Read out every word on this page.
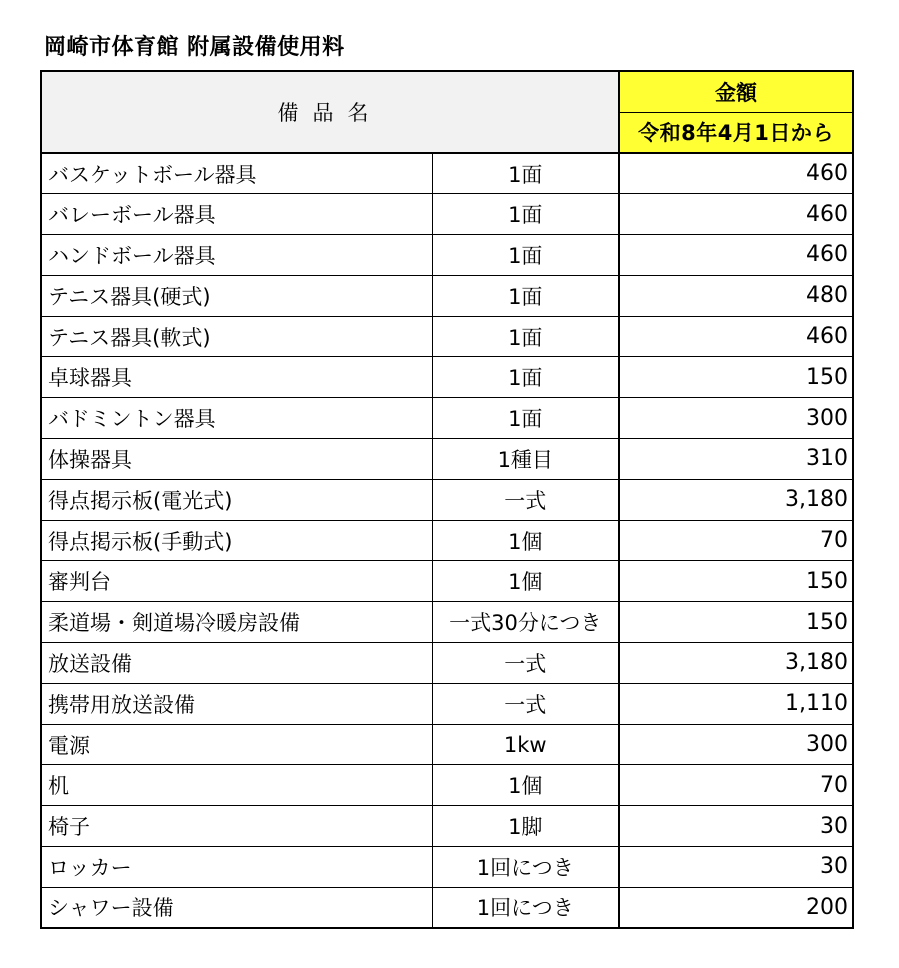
岡崎市体育館 附属設備使用料
備品名		金額
		令和8年4月1日から
バスケットボール器具	1面	460
バレーボール器具	1面	460
ハンドボール器具	1面	460
テニス器具(硬式)	1面	480
テニス器具(軟式)	1面	460
卓球器具	1面	150
バドミントン器具	1面	300
体操器具	1種目	310
得点掲示板(電光式)	一式	3,180
得点掲示板(手動式)	1個	70
審判台	1個	150
柔道場・剣道場冷暖房設備	一式30分につき	150
放送設備	一式	3,180
携帯用放送設備	一式	1,110
電源	1kw	300
机	1個	70
椅子	1脚	30
ロッカー	1回につき	30
シャワー設備	1回につき	200
